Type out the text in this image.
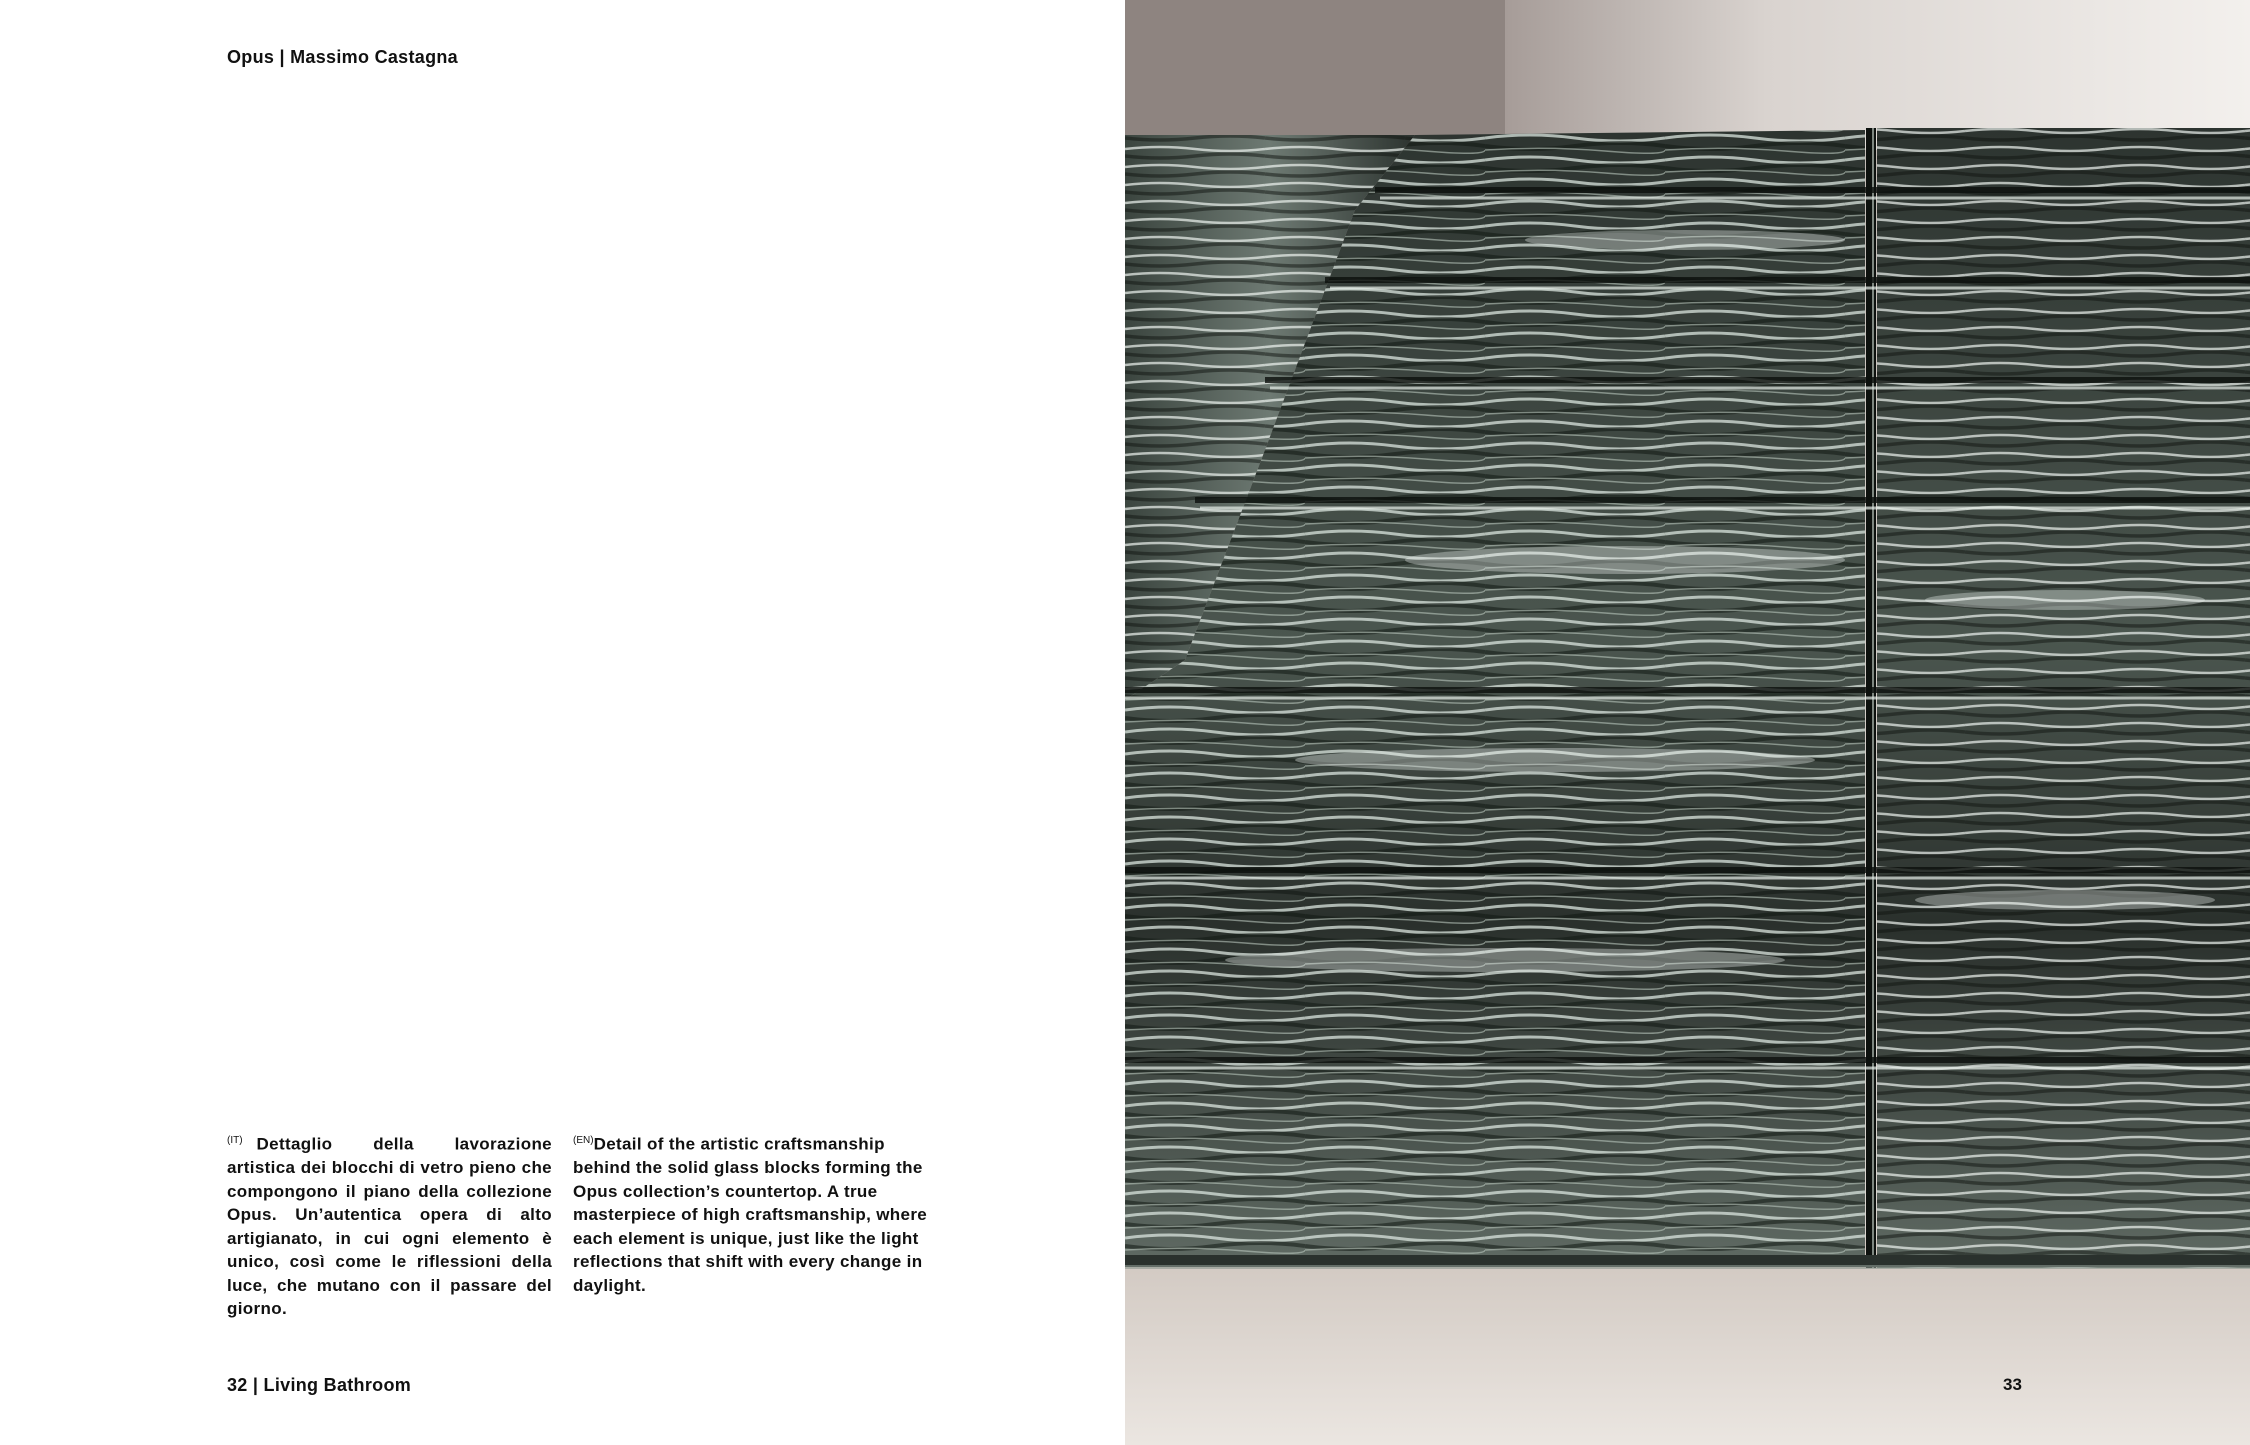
Opus | Massimo Castagna
$^{(IT)}$ Dettaglio della lavorazione artistica dei blocchi di vetro pieno che compongono il piano della collezione Opus. Un’autentica opera di alto artigianato, in cui ogni elemento è unico, così come le riflessioni della luce, che mutano con il passare del giorno.
$^{(EN)}$Detail of the artistic craftsmanship behind the solid glass blocks forming the Opus collection’s countertop. A true masterpiece of high craftsmanship, where each element is unique, just like the light reflections that shift with every change in daylight.
32 | Living Bathroom	33
